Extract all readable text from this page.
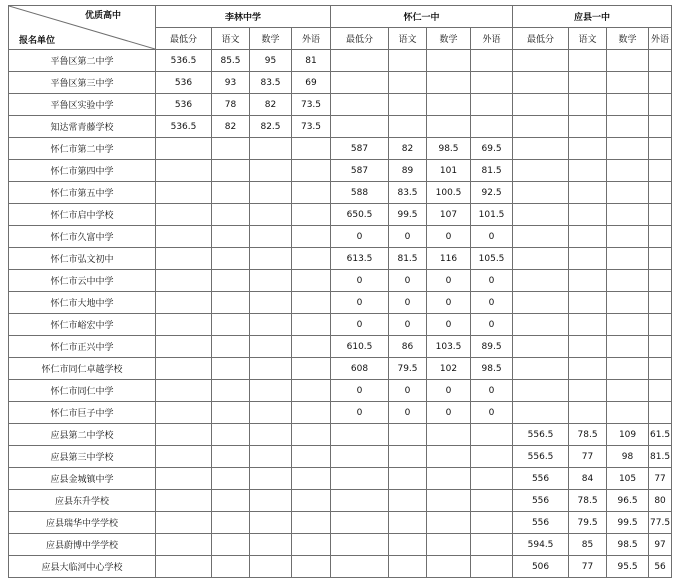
优质高中
报名单位	李林中学				怀仁一中				应县一中			
	最低分	语文	数学	外语	最低分	语文	数学	外语	最低分	语文	数学	外语
平鲁区第二中学	536.5	85.5	95	81								
平鲁区第三中学	536	93	83.5	69								
平鲁区实验中学	536	78	82	73.5								
知达常青藤学校	536.5	82	82.5	73.5								
怀仁市第二中学					587	82	98.5	69.5				
怀仁市第四中学					587	89	101	81.5				
怀仁市第五中学					588	83.5	100.5	92.5				
怀仁市启中学校					650.5	99.5	107	101.5				
怀仁市久富中学					0	0	0	0				
怀仁市弘文初中					613.5	81.5	116	105.5				
怀仁市云中中学					0	0	0	0				
怀仁市大地中学					0	0	0	0				
怀仁市峪宏中学					0	0	0	0				
怀仁市正兴中学					610.5	86	103.5	89.5				
怀仁市同仁卓越学校					608	79.5	102	98.5				
怀仁市同仁中学					0	0	0	0				
怀仁市巨子中学					0	0	0	0				
应县第二中学校									556.5	78.5	109	61.5
应县第三中学校									556.5	77	98	81.5
应县金城镇中学									556	84	105	77
应县东升学校									556	78.5	96.5	80
应县瑞华中学学校									556	79.5	99.5	77.5
应县蔚博中学学校									594.5	85	98.5	97
应县大临河中心学校									506	77	95.5	56
